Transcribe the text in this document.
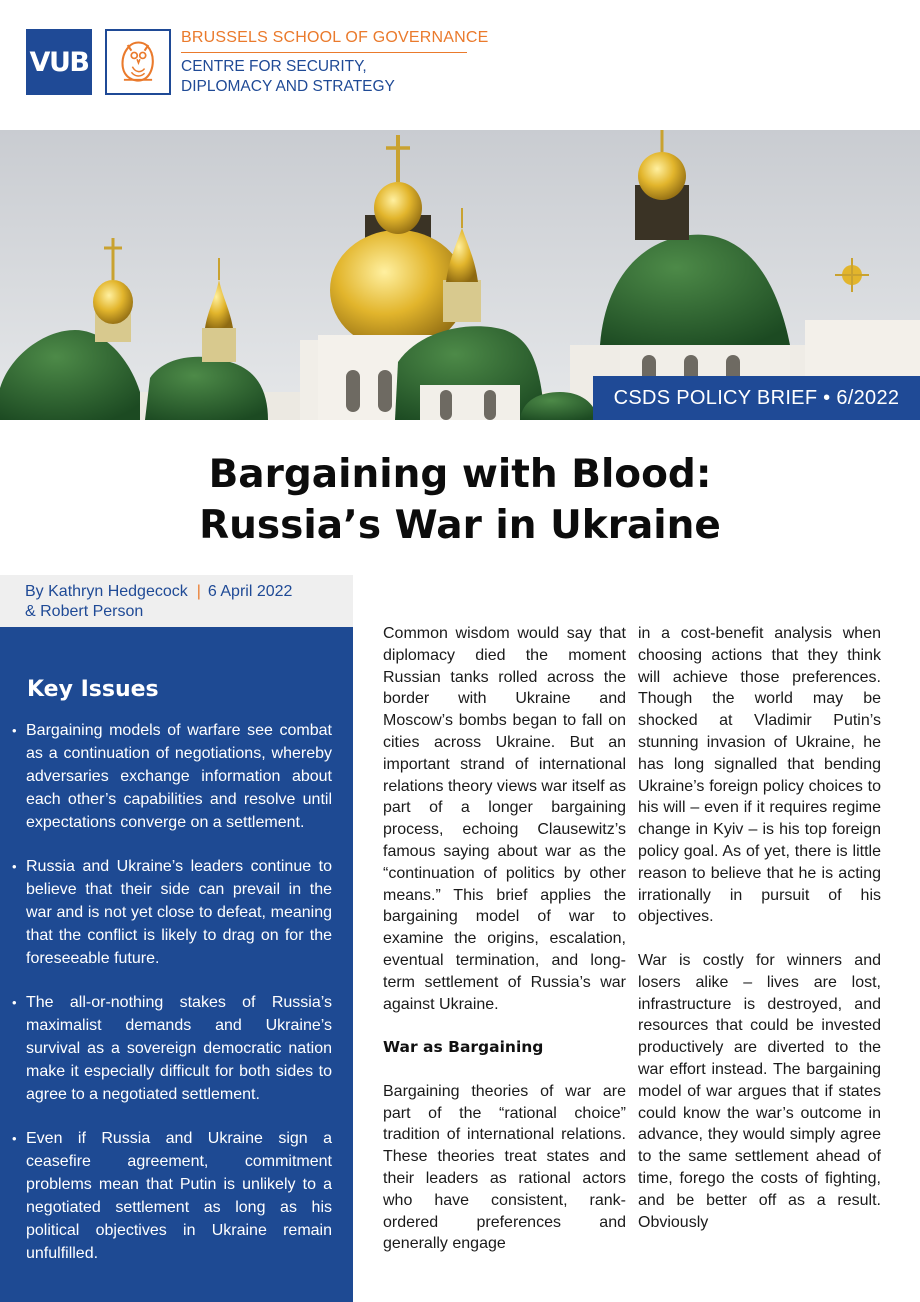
VUB
BRUSSELS SCHOOL OF GOVERNANCE
CENTRE FOR SECURITY, DIPLOMACY AND STRATEGY
CSDS POLICY BRIEF • 6/2022
Bargaining with Blood:
Russia’s War in Ukraine
By Kathryn Hedgecock | 6 April 2022
& Robert Person
Key Issues
• Bargaining models of warfare see combat as a continuation of negotiations, whereby adversaries exchange information about each other’s capabilities and resolve until expectations converge on a settlement.
• Russia and Ukraine’s leaders continue to believe that their side can prevail in the war and is not yet close to defeat, meaning that the conflict is likely to drag on for the foreseeable future.
• The all-or-nothing stakes of Russia’s maximalist demands and Ukraine’s survival as a sovereign democratic nation make it especially difficult for both sides to agree to a negotiated settlement.
• Even if Russia and Ukraine sign a ceasefire agreement, commitment problems mean that Putin is unlikely to a negotiated settlement as long as his political objectives in Ukraine remain unfulfilled.

Common wisdom would say that diplomacy died the moment Russian tanks rolled across the border with Ukraine and Moscow’s bombs began to fall on cities across Ukraine. But an important strand of international relations theory views war itself as part of a longer bargaining process, echoing Clausewitz’s famous saying about war as the “continuation of politics by other means.” This brief applies the bargaining model of war to examine the origins, escalation, eventual termination, and long-term settlement of Russia’s war against Ukraine.

War as Bargaining

Bargaining theories of war are part of the “rational choice” tradition of international relations. These theories treat states and their leaders as rational actors who have consistent, rank-ordered preferences and generally engage

in a cost-benefit analysis when choosing actions that they think will achieve those preferences. Though the world may be shocked at Vladimir Putin’s stunning invasion of Ukraine, he has long signalled that bending Ukraine’s foreign policy choices to his will – even if it requires regime change in Kyiv – is his top foreign policy goal. As of yet, there is little reason to believe that he is acting irrationally in pursuit of his objectives.

War is costly for winners and losers alike – lives are lost, infrastructure is destroyed, and resources that could be invested productively are diverted to the war effort instead. The bargaining model of war argues that if states could know the war’s outcome in advance, they would simply agree to the same settlement ahead of time, forego the costs of fighting, and be better off as a result. Obviously
